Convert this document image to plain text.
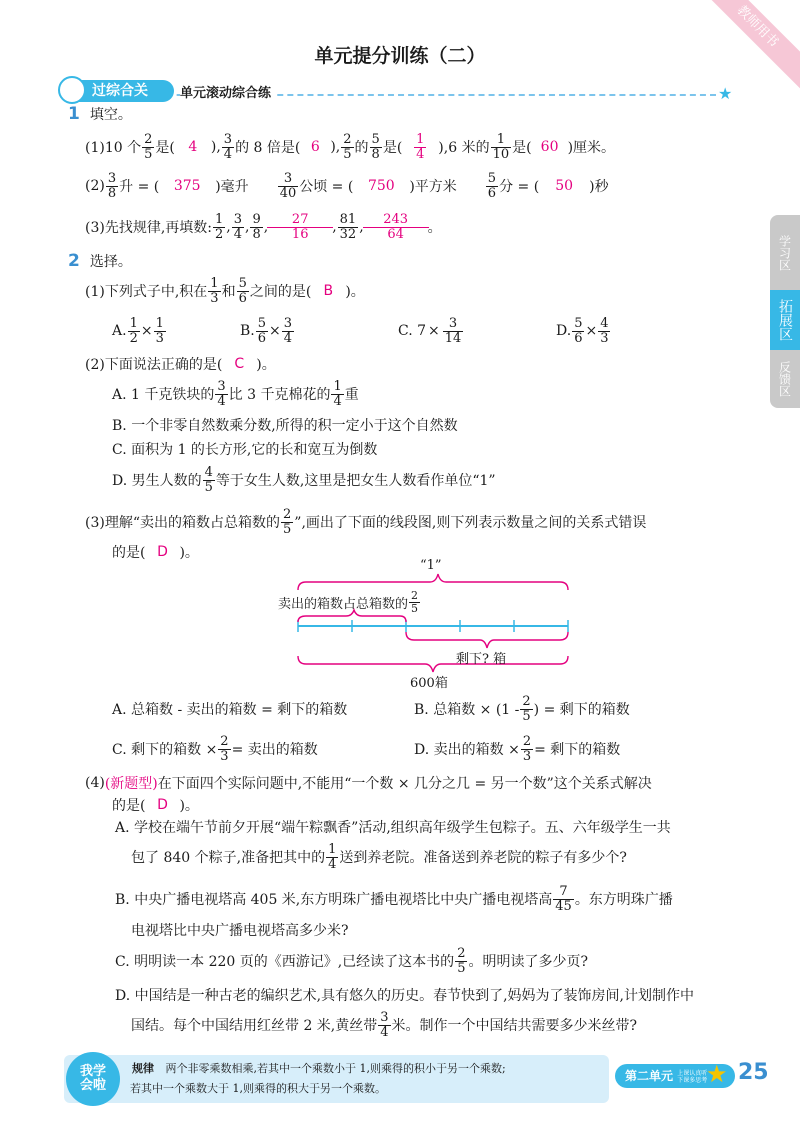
教师用书
单元提分训练（二）
过综合关	单元滚动综合练	★
学习区
拓展区
反馈区
1 填空。
(1)10 个 $\frac{2}{5}$ 是( 4 ), $\frac{3}{4}$ 的 8 倍是( 6 ), $\frac{2}{5}$ 的 $\frac{5}{8}$ 是( $\frac{1}{4} ),6$ 米的 $\frac{1}{10}$ 是( 60 )厘米。
$(2) \frac{3}{8}$ 升 = (	375	)毫升 $\frac{3}{40}$ 公顷 = (	750	)平方米 $\frac{5}{6}$ 分 = (	50	)秒
(3)先找规律,再填数: $\frac{1}{2}$ , $\frac{3}{4}$ , $\frac{9}{8}$ , $\frac{27}{16}$ , $\frac{81}{32}$ , $\frac{243}{64}$ 。
2 选择。
(1)下列式子中,积在 $\frac{1}{3}$ 和 $\frac{5}{6}$ 之间的是( B )。
A. $\frac{1}{2} \times \frac{1}{3}$	B. $\frac{5}{6} \times \frac{3}{4}$	C. $7 \times \frac{3}{14}$	D. $\frac{5}{6} \times \frac{4}{3}$
(2)下面说法正确的是( C )。
A. 1 千克铁块的 $\frac{3}{4}$ 比 3 千克棉花的 $\frac{1}{4}$ 重
B. 一个非零自然数乘分数,所得的积一定小于这个自然数
C. 面积为 1 的长方形,它的长和宽互为倒数
D. 男生人数的 $\frac{4}{5}$ 等于女生人数,这里是把女生人数看作单位“1”
(3)理解“卖出的箱数占总箱数的 $\frac{2}{5}$ ”,画出了下面的线段图,则下列表示数量之间的关系式错误
的是( D )。
“1”
卖出的箱数占总箱数的 $\frac{2}{5}$
剩下? 箱
600箱
A. 总箱数 - 卖出的箱数 = 剩下的箱数	B. 总箱数 × ($1 - \frac{2}{5}$ ) = 剩下的箱数
C. 剩下的箱数 × $\frac{2}{3}$ = 卖出的箱数	D. 卖出的箱数 × $\frac{2}{3}$ = 剩下的箱数
(4) (新题型) 在下面四个实际问题中,不能用“一个数 × 几分之几 = 另一个数”这个关系式解决
的是( D )。
A. 学校在端午节前夕开展“端午粽飘香”活动,组织高年级学生包粽子。五、六年级学生一共
包了 840 个粽子,准备把其中的 $\frac{1}{4}$ 送到养老院。准备送到养老院的粽子有多少个?
B. 中央广播电视塔高 405 米,东方明珠广播电视塔比中央广播电视塔高 $\frac{7}{45}$ 。东方明珠广播
电视塔比中央广播电视塔高多少米?
C. 明明读一本 220 页的《西游记》,已经读了这本书的 $\frac{2}{5}$ 。明明读了多少页?
D. 中国结是一种古老的编织艺术,具有悠久的历史。春节快到了,妈妈为了装饰房间,计划制作中
国结。每个中国结用红丝带 2 米,黄丝带 $\frac{3}{4}$ 米。制作一个中国结共需要多少米丝带?
我学会啦
规律 两个非零乘数相乘,若其中一个乘数小于 1,则乘得的积小于另一个乘数;
若其中一个乘数大于 1,则乘得的积大于另一个乘数。
第二单元 上课认真听 下课多思考
★ 25
